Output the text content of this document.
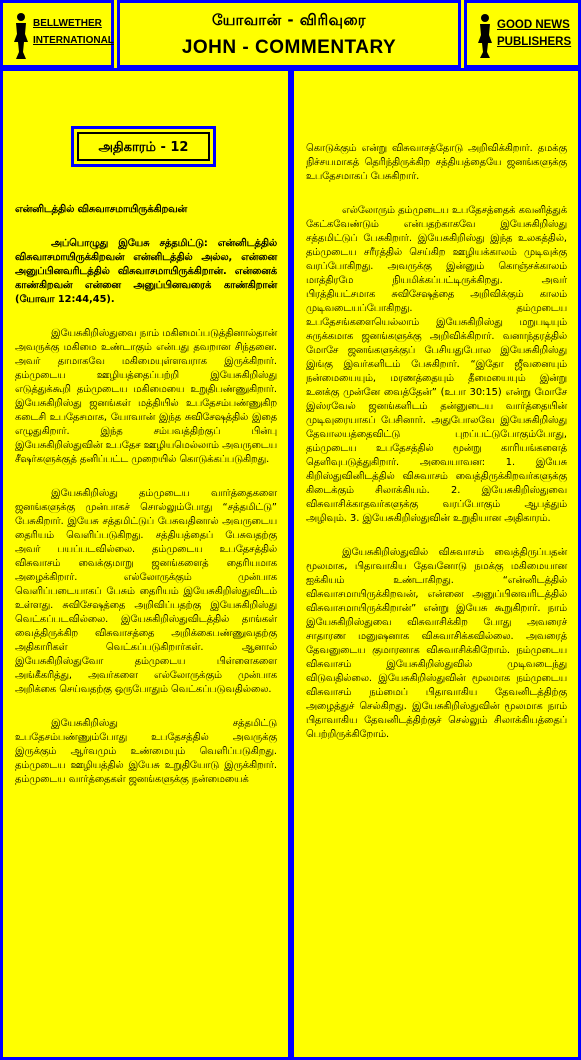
BELLWETHER
INTERNATIONAL
யோவான் - விரிவுரை
JOHN - COMMENTARY
GOOD NEWS
PUBLISHERS
அதிகாரம் - 12

என்னிடத்தில் விசுவாசமாயிருக்கிறவன்

அப்பொழுது இயேசு சத்தமிட்டு: என்னிடத்தில் விசுவாசமாயிருக்கிறவன் என்னிடத்தில் அல்ல, என்னை அனுப்பினவரிடத்தில் விசுவாசமாயிருக்கிறான். என்னைக் காண்கிறவன் என்னை அனுப்பினவரைக் காண்கிறான் (யோவா 12:44,45).

இயேசுகிறிஸ்துவை நாம் மகிமைப்படுத்தினால்தான் அவருக்கு மகிமை உண்டாகும் என்பது தவறான சிந்தனை. அவர் தாமாகவே மகிமையுள்ளவராக இருக்கிறார். தம்முடைய ஊழியத்தைப்பற்றி இயேசுகிறிஸ்து எடுத்துக்கூறி தம்முடைய மகிமையை உறுதிபண்ணுகிறார். இயேசுகிறிஸ்து ஜனங்கள் மத்தியில் உபதேசம்பண்ணுகிற கடைசி உபதேசமாக, யோவான் இந்த சுவிசேஷத்தில் இதை எழுதுகிறார். இந்த சம்பவத்திற்குப் பின்பு இயேசுகிறிஸ்துவின் உபதேச ஊழியமெல்லாம் அவருடைய சீஷர்களுக்குத் தனிப்பட்ட முறையில் கொடுக்கப்படுகிறது.

இயேசுகிறிஸ்து தம்முடைய வார்த்தைகளை ஜனங்களுக்கு முன்பாகச் சொல்லும்போது “சத்தமிட்டு” பேசுகிறார். இயேசு சத்தமிட்டுப் பேசுவதினால் அவருடைய தைரியம் வெளிப்படுகிறது. சத்தியத்தைப் பேசுவதற்கு அவர் பயப்படவில்லை. தம்முடைய உபதேசத்தில் விசுவாசம் வைக்குமாறு ஜனங்களைத் தைரியமாக அழைக்கிறார். எல்லோருக்கும் முன்பாக வெளிப்படையாகப் பேசும் தைரியம் இயேசுகிறிஸ்துவிடம் உள்ளது. சுவிசேஷத்தை அறிவிப்பதற்கு இயேசுகிறிஸ்து வெட்கப்படவில்லை. இயேசுகிறிஸ்துவிடத்தில் தாங்கள் வைத்திருக்கிற விசுவாசத்தை அறிக்கைபண்ணுவதற்கு அதிகாரிகள் வெட்கப்படுகிறார்கள். ஆனால் இயேசுகிறிஸ்துவோ தம்முடைய பிள்ளைகளை அங்கீகரித்து, அவர்களை எல்லோருக்கும் முன்பாக அறிக்கை செய்வதற்கு ஒருபோதும் வெட்கப்படுவதில்லை.

இயேசுகிறிஸ்து சத்தமிட்டு உபதேசம்பண்ணும்போது உபதேசத்தில் அவருக்கு இருக்கும் ஆர்வமும் உண்மையும் வெளிப்படுகிறது. தம்முடைய ஊழியத்தில் இயேசு உறுதியோடு இருக்கிறார். தம்முடைய வார்த்தைகள் ஜனங்களுக்கு நன்மையைக்

கொடுக்கும் என்று விசுவாசத்தோடு அறிவிக்கிறார். தமக்கு நிச்சயமாகத் தெரிந்திருக்கிற சத்தியத்தையே ஜனங்களுக்கு உபதேசமாகப் பேசுகிறார்.

எல்லோரும் தம்முடைய உபதேசத்தைக் கவனித்துக் கேட்கவேண்டும் என்பதற்காகவே இயேசுகிறிஸ்து சத்தமிட்டுப் பேசுகிறார். இயேசுகிறிஸ்து இந்த உலகத்தில், தம்முடைய சரீரத்தில் செய்கிற ஊழியக்காலம் முடிவுக்கு வரப்போகிறது. அவருக்கு இன்னும் கொஞ்சக்காலம் மாத்திரமே நியமிக்கப்பட்டிருக்கிறது. அவர் பிரத்தியட்சமாக சுவிசேஷத்தை அறிவிக்கும் காலம் முடிவடையப்போகிறது. தம்முடைய உபதேசங்களையெல்லாம் இயேசுகிறிஸ்து மறுபடியும் சுருக்கமாக ஜனங்களுக்கு அறிவிக்கிறார். வனாந்தரத்தில் மோசே ஜனங்களுக்குப் பேசியதுபோல இயேசுகிறிஸ்து இங்கு இவர்களிடம் பேசுகிறார். “இதோ ஜீவனையும் நன்மையையும், மரணத்தையும் தீமையையும் இன்று உனக்கு முன்னே வைத்தேன்” (உபா 30:15) என்று மோசே இஸ்ரவேல் ஜனங்களிடம் தன்னுடைய வார்த்தையின் முடிவுரையாகப் பேசினார். அதுபோலவே இயேசுகிறிஸ்து தேவாலயத்தைவிட்டு புறப்பட்டுபோகும்போது, தம்முடைய உபதேசத்தில் மூன்று காரியங்களைத் தெளிவுபடுத்துகிறார். அவையாவன: 1. இயேசு கிறிஸ்துவினிடத்தில் விசுவாசம் வைத்திருக்கிறவர்களுக்கு கிடைக்கும் சிலாக்கியம். 2. இயேசுகிறிஸ்துவை விசுவாசிக்காதவர்களுக்கு வரப்போகும் ஆபத்தும் அழிவும். 3. இயேசுகிறிஸ்துவின் உறுதியான அதிகாரம்.

இயேசுகிறிஸ்துவில் விசுவாசம் வைத்திருப்பதன் மூலமாக, பிதாவாகிய தேவனோடு நமக்கு மகிமையான ஐக்கியம் உண்டாகிறது. “என்னிடத்தில் விசுவாசமாயிருக்கிறவன், என்னை அனுப்பினவரிடத்தில் விசுவாசமாயிருக்கிறான்” என்று இயேசு கூறுகிறார். நாம் இயேசுகிறிஸ்துவை விசுவாசிக்கிற போது அவரைச் சாதாரண மனுஷனாக விசுவாசிக்கவில்லை. அவரைத் தேவனுடைய குமாரனாக விசுவாசிக்கிறோம். நம்முடைய விசுவாசம் இயேசுகிறிஸ்துவில் முடிவடைந்து விடுவதில்லை. இயேசுகிறிஸ்துவின் மூலமாக நம்முடைய விசுவாசம் நம்மைப் பிதாவாகிய தேவனிடத்திற்கு அழைத்துச் செல்கிறது. இயேசுகிறிஸ்துவின் மூலமாக நாம் பிதாவாகிய தேவனிடத்திற்குச் செல்லும் சிலாக்கியத்தைப் பெற்றிருக்கிறோம்.
